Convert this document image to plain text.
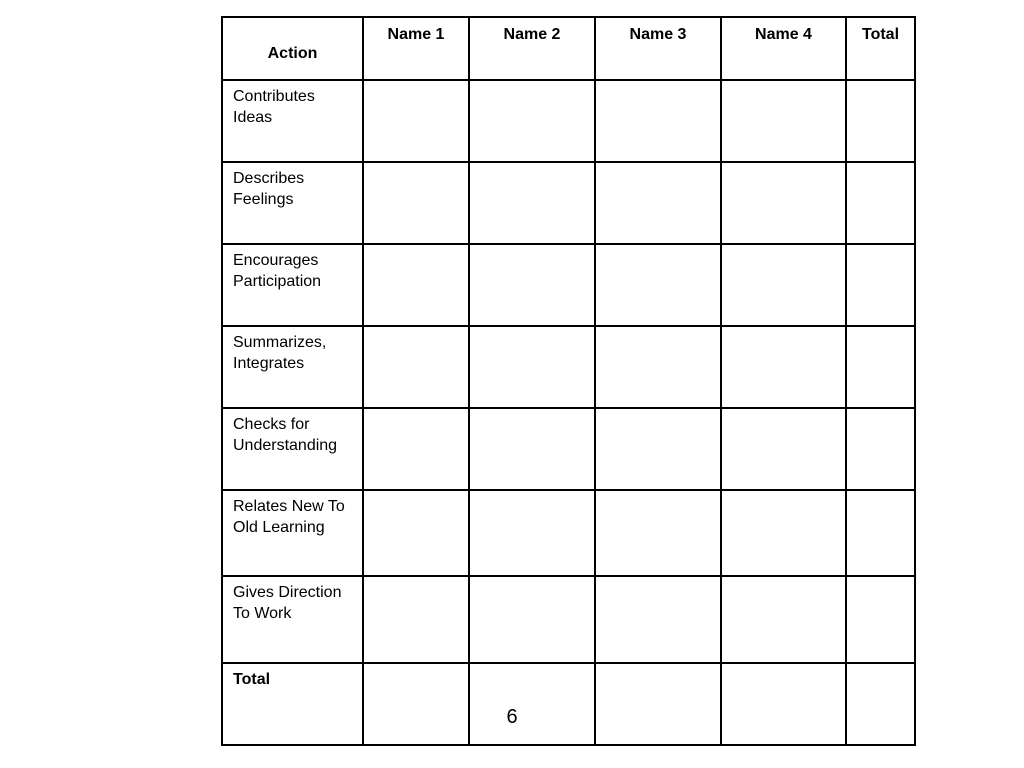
Action	Name 1	Name 2	Name 3	Name 4	Total

Contributes
Ideas					

Describes
Feelings					

Encourages
Participation					

Summarizes,
Integrates					

Checks for
Understanding					

Relates New To
Old Learning					

Gives Direction
To Work					

Total					
6
